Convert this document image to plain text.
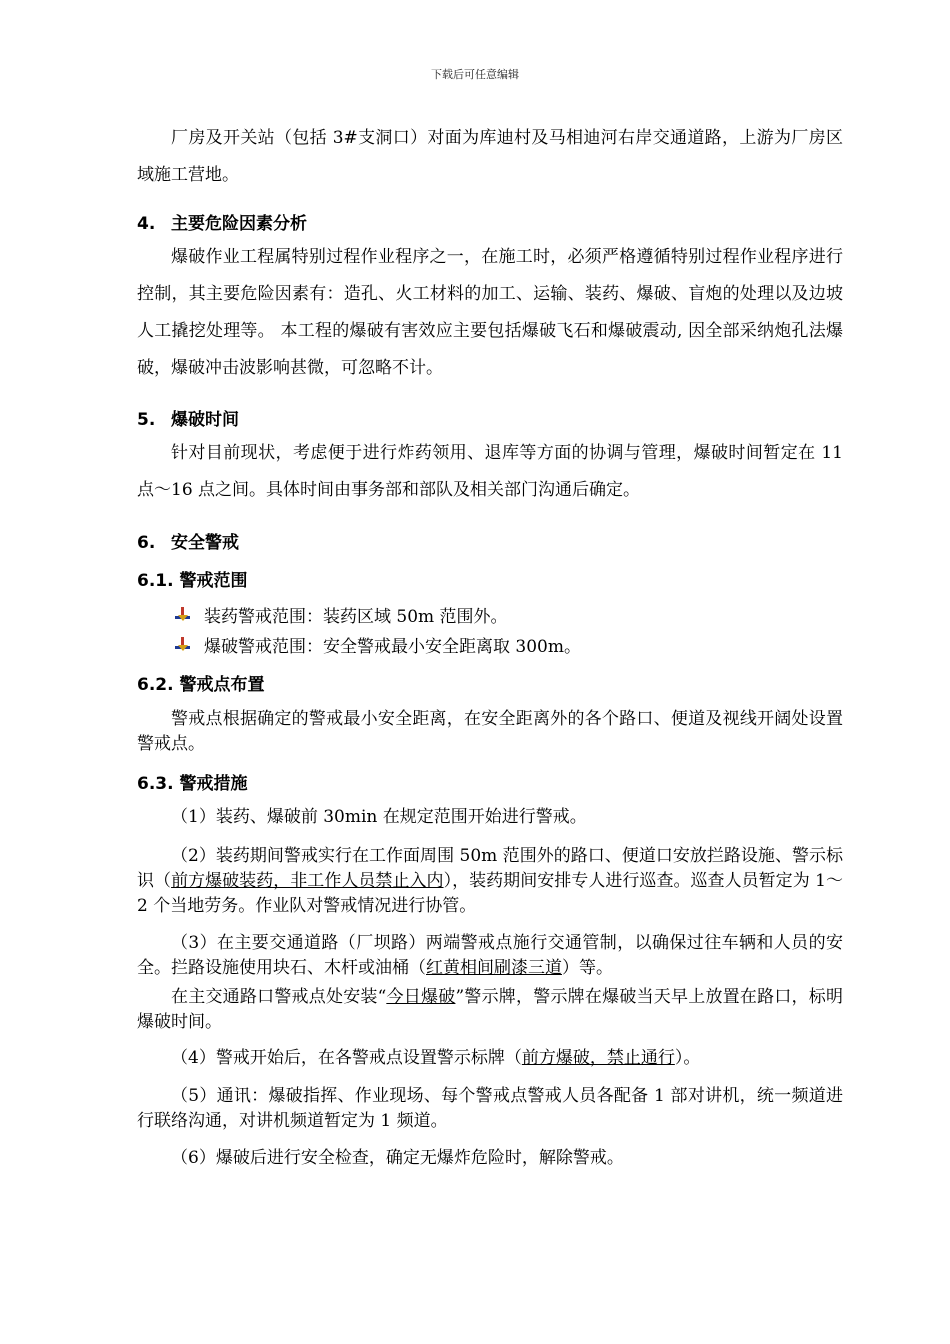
下载后可任意编辑
厂房及开关站（包括 3#支洞口）对面为库迪村及马相迪河右岸交通道路，上游为厂房区域施工营地。
4. 主要危险因素分析
爆破作业工程属特别过程作业程序之一，在施工时，必须严格遵循特别过程作业程序进行控制，其主要危险因素有：造孔、火工材料的加工、运输、装药、爆破、盲炮的处理以及边坡人工撬挖处理等。 本工程的爆破有害效应主要包括爆破飞石和爆破震动, 因全部采纳炮孔法爆破，爆破冲击波影响甚微，可忽略不计。
5. 爆破时间
针对目前现状，考虑便于进行炸药领用、退库等方面的协调与管理，爆破时间暂定在 11 点～16 点之间。具体时间由事务部和部队及相关部门沟通后确定。
6. 安全警戒
6.1. 警戒范围
装药警戒范围：装药区域 50m 范围外。
爆破警戒范围：安全警戒最小安全距离取 300m。
6.2. 警戒点布置
警戒点根据确定的警戒最小安全距离，在安全距离外的各个路口、便道及视线开阔处设置警戒点。
6.3. 警戒措施
（1）装药、爆破前 30min 在规定范围开始进行警戒。
（2）装药期间警戒实行在工作面周围 50m 范围外的路口、便道口安放拦路设施、警示标识（前方爆破装药，非工作人员禁止入内），装药期间安排专人进行巡查。巡查人员暂定为 1～2 个当地劳务。作业队对警戒情况进行协管。
（3）在主要交通道路（厂坝路）两端警戒点施行交通管制，以确保过往车辆和人员的安全。拦路设施使用块石、木杆或油桶（红黄相间刷漆三道）等。
在主交通路口警戒点处安装“今日爆破”警示牌，警示牌在爆破当天早上放置在路口，标明爆破时间。
（4）警戒开始后，在各警戒点设置警示标牌（前方爆破，禁止通行）。
（5）通讯：爆破指挥、作业现场、每个警戒点警戒人员各配备 1 部对讲机，统一频道进行联络沟通，对讲机频道暂定为 1 频道。
（6）爆破后进行安全检查，确定无爆炸危险时，解除警戒。
